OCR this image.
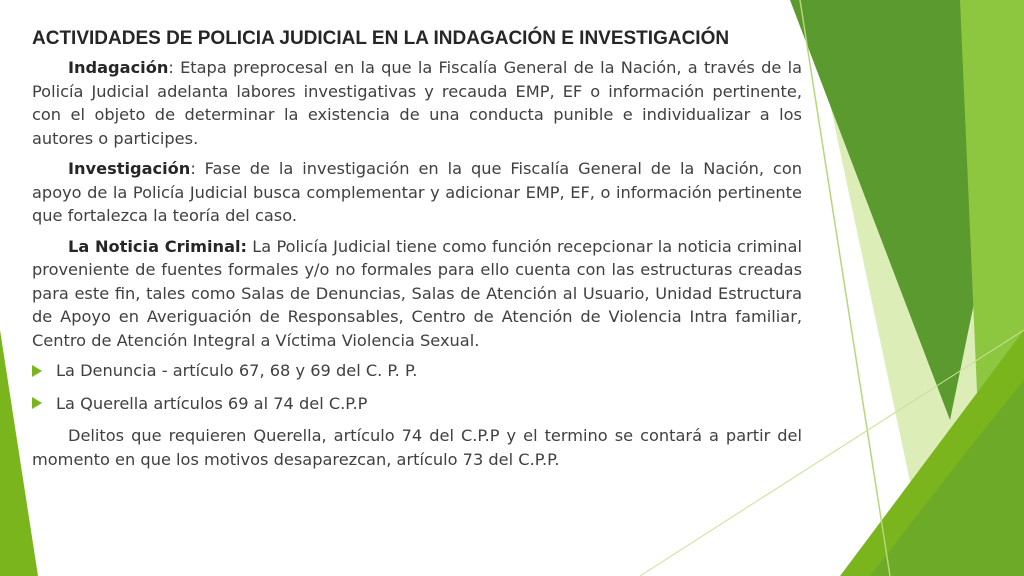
ACTIVIDADES DE POLICIA JUDICIAL EN LA INDAGACIÓN E INVESTIGACIÓN

Indagación: Etapa preprocesal en la que la Fiscalía General de la Nación, a través de la Policía Judicial adelanta labores investigativas y recauda EMP, EF o información pertinente, con el objeto de determinar la existencia de una conducta punible e individualizar a los autores o participes.

Investigación: Fase de la investigación en la que Fiscalía General de la Nación, con apoyo de la Policía Judicial busca complementar y adicionar EMP, EF, o información pertinente que fortalezca la teoría del caso.

La Noticia Criminal: La Policía Judicial tiene como función recepcionar la noticia criminal proveniente de fuentes formales y/o no formales para ello cuenta con las estructuras creadas para este fin, tales como Salas de Denuncias, Salas de Atención al Usuario, Unidad Estructura de Apoyo en Averiguación de Responsables, Centro de Atención de Violencia Intra familiar, Centro de Atención Integral a Víctima Violencia Sexual.

La Denuncia - artículo 67, 68 y 69 del C. P. P.
La Querella artículos 69 al 74 del C.P.P

Delitos que requieren Querella, artículo 74 del C.P.P y el termino se contará a partir del momento en que los motivos desaparezcan, artículo 73 del C.P.P.
